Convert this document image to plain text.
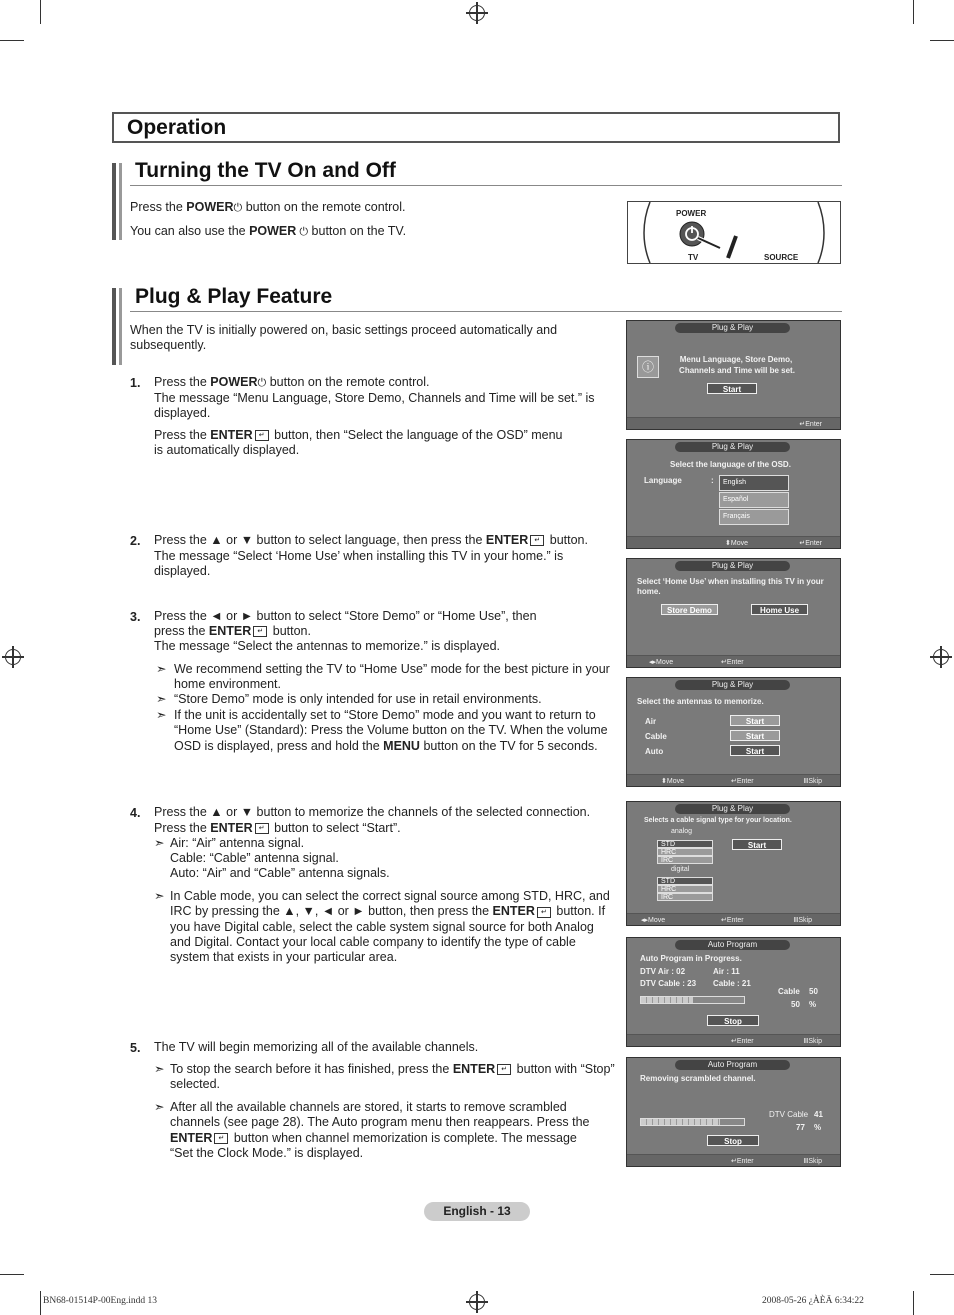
Operation
Turning the TV On and Off
Press the POWER⏻ button on the remote control.
You can also use the POWER ⏻ button on the TV.
POWER
TV	SOURCE
Plug & Play Feature
When the TV is initially powered on, basic settings proceed automatically and subsequently.
1. Press the POWER⏻ button on the remote control.
The message “Menu Language, Store Demo, Channels and Time will be set.” is displayed.
Press the ENTER ↵ button, then “Select the language of the OSD” menu is automatically displayed.
2. Press the ▲ or ▼ button to select language, then press the ENTER ↵ button.
The message “Select ‘Home Use’ when installing this TV in your home.” is displayed.
3. Press the ◄ or ► button to select “Store Demo” or “Home Use”, then
press the ENTER ↵ button.
The message “Select the antennas to memorize.” is displayed.
➣ We recommend setting the TV to “Home Use” mode for the best picture in your home environment.
➣ “Store Demo” mode is only intended for use in retail environments.
➣ If the unit is accidentally set to “Store Demo” mode and you want to return to “Home Use” (Standard): Press the Volume button on the TV. When the volume OSD is displayed, press and hold the MENU button on the TV for 5 seconds.
4. Press the ▲ or ▼ button to memorize the channels of the selected connection.
Press the ENTER ↵ button to select “Start”.
➣ Air: “Air” antenna signal.
Cable: “Cable” antenna signal.
Auto: “Air” and “Cable” antenna signals.
➣ In Cable mode, you can select the correct signal source among STD, HRC, and IRC by pressing the ▲, ▼, ◄ or ► button, then press the ENTER ↵ button. If you have Digital cable, select the cable system signal source for both Analog and Digital. Contact your local cable company to identify the type of cable system that exists in your particular area.
5. The TV will begin memorizing all of the available channels.
➣ To stop the search before it has finished, press the ENTER ↵ button with “Stop” selected.
➣ After all the available channels are stored, it starts to remove scrambled channels (see page 28). The Auto program menu then reappears. Press the ENTER ↵ button when channel memorization is complete. The message “Set the Clock Mode.” is displayed.
Plug & Play
ⓘ
Menu Language, Store Demo,
Channels and Time will be set.
Start
↵Enter
Plug & Play
Select the language of the OSD.
Language	:	English
Español
Français
⬍Move	↵Enter
Plug & Play
Select ‘Home Use’ when installing this TV in your
home.
Store Demo	Home Use
◂▸Move	↵Enter
Plug & Play
Select the antennas to memorize.
Air
Cable
Auto
Start
Start
Start
⬍Move	↵Enter	ⅢSkip
Plug & Play
Selects a cable signal type for your location.
analog
STD
HRC
IRC
digital
STD
HRC
IRC
Start
◂▸Move	↵Enter	ⅢSkip
Auto Program
Auto Program in Progress.
DTV Air : 02	Air : 11
DTV Cable : 23 Cable : 21
Cable 50
50 %
Stop
↵Enter	ⅢSkip
Auto Program
Removing scrambled channel.
DTV Cable 41
77 %
Stop
↵Enter	ⅢSkip
English - 13
BN68-01514P-00Eng.indd 13	2008-05-26 ¿ÀÈÄ 6:34:22
